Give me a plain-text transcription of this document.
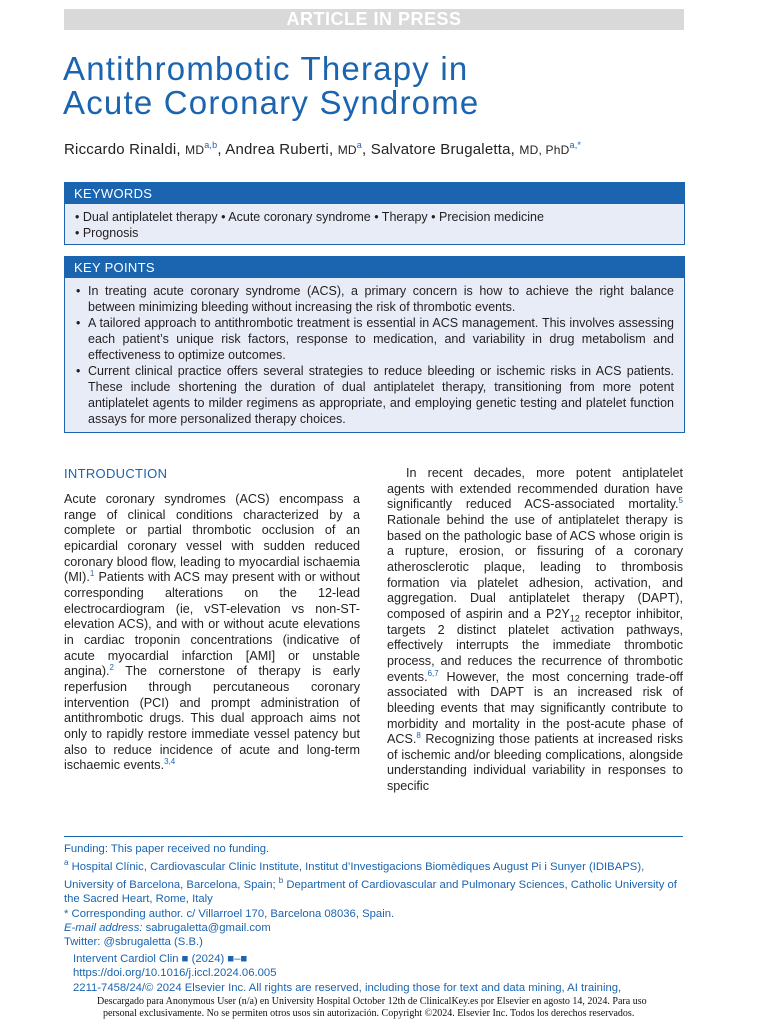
ARTICLE IN PRESS
Antithrombotic Therapy in
Acute Coronary Syndrome
Riccardo Rinaldi, MD$^{a,b}$, Andrea Ruberti, $MD^a$, Salvatore Brugaletta, MD, PhD$^{a,*}$
KEYWORDS
• Dual antiplatelet therapy • Acute coronary syndrome • Therapy • Precision medicine
• Prognosis
KEY POINTS
• In treating acute coronary syndrome (ACS), a primary concern is how to achieve the right balance between minimizing bleeding without increasing the risk of thrombotic events.
• A tailored approach to antithrombotic treatment is essential in ACS management. This involves assessing each patient’s unique risk factors, response to medication, and variability in drug metabolism and effectiveness to optimize outcomes.
• Current clinical practice offers several strategies to reduce bleeding or ischemic risks in ACS patients. These include shortening the duration of dual antiplatelet therapy, transitioning from more potent antiplatelet agents to milder regimens as appropriate, and employing genetic testing and platelet function assays for more personalized therapy choices.
INTRODUCTION

Acute coronary syndromes (ACS) encompass a range of clinical conditions characterized by a complete or partial thrombotic occlusion of an epicardial coronary vessel with sudden reduced coronary blood flow, leading to myocardial ischaemia (MI).$^1$ Patients with ACS may present with or without corresponding alterations on the 12-lead electrocardiogram (ie, vST-elevation vs non-ST-elevation ACS), and with or without acute elevations in cardiac troponin concentrations (indicative of acute myocardial infarction [AMI] or unstable angina).$^2$ The cornerstone of therapy is early reperfusion through percutaneous coronary intervention (PCI) and prompt administration of antithrombotic drugs. This dual approach aims not only to rapidly restore immediate vessel patency but also to reduce incidence of acute and long-term ischaemic events.$^{3,4}$

In recent decades, more potent antiplatelet agents with extended recommended duration have significantly reduced ACS-associated mortality.$^5$ Rationale behind the use of antiplatelet therapy is based on the pathologic base of ACS whose origin is a rupture, erosion, or fissuring of a coronary atherosclerotic plaque, leading to thrombosis formation via platelet adhesion, activation, and aggregation. Dual antiplatelet therapy (DAPT), composed of aspirin and a $P2Y_{12}$ receptor inhibitor, targets 2 distinct platelet activation pathways, effectively interrupts the immediate thrombotic process, and reduces the recurrence of thrombotic events.$^{6,7}$ However, the most concerning trade-off associated with DAPT is an increased risk of bleeding events that may significantly contribute to morbidity and mortality in the post-acute phase of ACS.$^8$ Recognizing those patients at increased risks of ischemic and/or bleeding complications, alongside understanding individual variability in responses to specific

Funding: This paper received no funding.

$^a$ Hospital Clínic, Cardiovascular Clinic Institute, Institut d’Investigacions Biomèdiques August Pi i Sunyer (IDIBAPS), University of Barcelona, Barcelona, Spain; $^b$ Department of Cardiovascular and Pulmonary Sciences, Catholic University of the Sacred Heart, Rome, Italy

* Corresponding author. c/ Villarroel 170, Barcelona 08036, Spain.

E-mail address: sabrugaletta@gmail.com

Twitter: @sbrugaletta (S.B.)

Intervent Cardiol Clin ■ (2024) ■–■

https://doi.org/10.1016/j.iccl.2024.06.005

2211-7458/24/© 2024 Elsevier Inc. All rights are reserved, including those for text and data mining, AI training,

Descargado para Anonymous User (n/a) en University Hospital October 12th de ClinicalKey.es por Elsevier en agosto 14, 2024. Para uso

personal exclusivamente. No se permiten otros usos sin autorización. Copyright ©2024. Elsevier Inc. Todos los derechos reservados.
